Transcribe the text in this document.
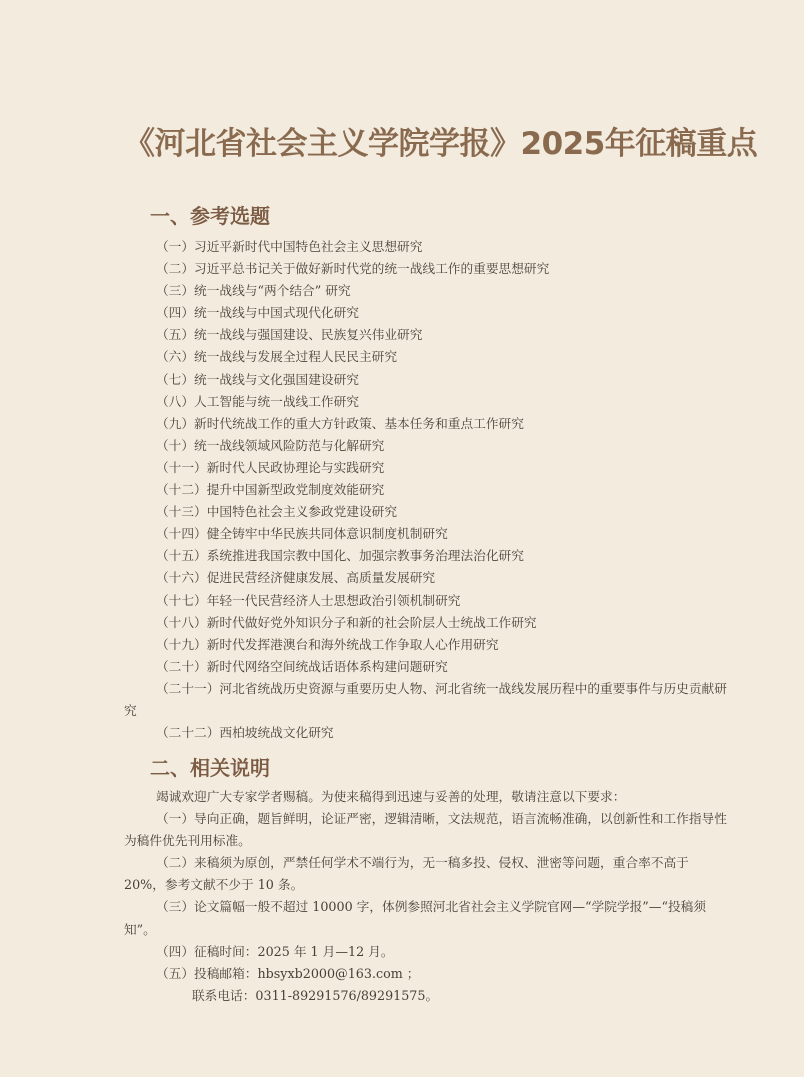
《河北省社会主义学院学报》2025年征稿重点
一、参考选题
（一）习近平新时代中国特色社会主义思想研究
（二）习近平总书记关于做好新时代党的统一战线工作的重要思想研究
（三）统一战线与“两个结合” 研究
（四）统一战线与中国式现代化研究
（五）统一战线与强国建设、民族复兴伟业研究
（六）统一战线与发展全过程人民民主研究
（七）统一战线与文化强国建设研究
（八）人工智能与统一战线工作研究
（九）新时代统战工作的重大方针政策、基本任务和重点工作研究
（十）统一战线领域风险防范与化解研究
（十一）新时代人民政协理论与实践研究
（十二）提升中国新型政党制度效能研究
（十三）中国特色社会主义参政党建设研究
（十四）健全铸牢中华民族共同体意识制度机制研究
（十五）系统推进我国宗教中国化、加强宗教事务治理法治化研究
（十六）促进民营经济健康发展、高质量发展研究
（十七）年轻一代民营经济人士思想政治引领机制研究
（十八）新时代做好党外知识分子和新的社会阶层人士统战工作研究
（十九）新时代发挥港澳台和海外统战工作争取人心作用研究
（二十）新时代网络空间统战话语体系构建问题研究
（二十一）河北省统战历史资源与重要历史人物、河北省统一战线发展历程中的重要事件与历史贡献研究
（二十二）西柏坡统战文化研究
二、相关说明

竭诚欢迎广大专家学者赐稿。为使来稿得到迅速与妥善的处理，敬请注意以下要求：

（一）导向正确，题旨鲜明，论证严密，逻辑清晰，文法规范，语言流畅准确，以创新性和工作指导性为稿件优先刊用标准。

（二）来稿须为原创，严禁任何学术不端行为，无一稿多投、侵权、泄密等问题，重合率不高于 20%，参考文献不少于 10 条。

（三）论文篇幅一般不超过 10000 字，体例参照河北省社会主义学院官网—“学院学报”—“投稿须知”。

（四）征稿时间：2025 年 1 月—12 月。

（五）投稿邮箱：hbsyxb2000@163.com ；

联系电话：0311-89291576/89291575。
